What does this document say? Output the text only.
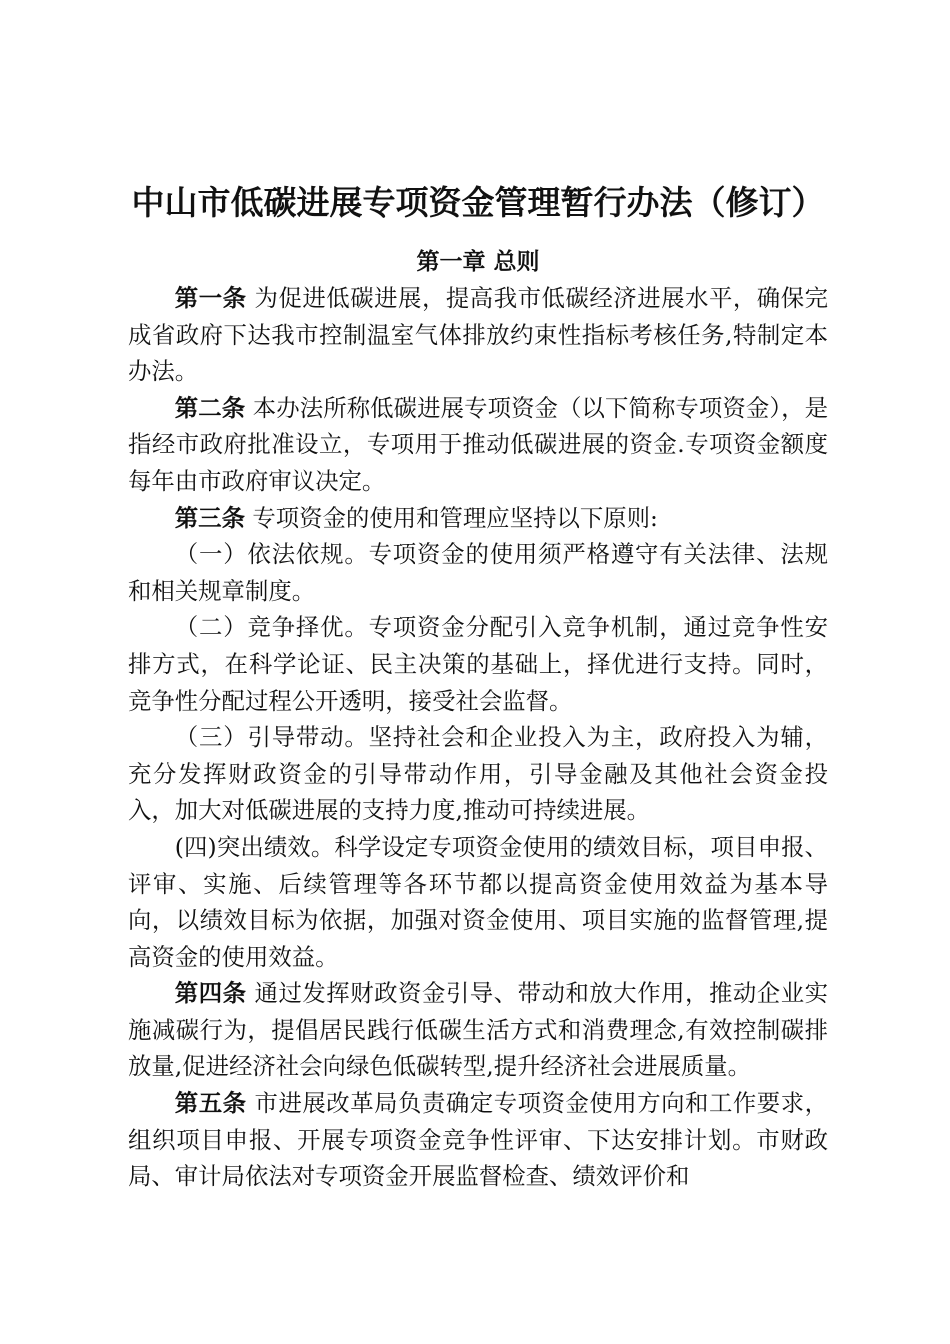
中山市低碳进展专项资金管理暂行办法（修订）
第一章 总则

第一条 为促进低碳进展，提高我市低碳经济进展水平，确保完成省政府下达我市控制温室气体排放约束性指标考核任务,特制定本办法。

第二条 本办法所称低碳进展专项资金（以下简称专项资金），是指经市政府批准设立，专项用于推动低碳进展的资金.专项资金额度每年由市政府审议决定。

第三条 专项资金的使用和管理应坚持以下原则:

（一）依法依规。专项资金的使用须严格遵守有关法律、法规和相关规章制度。

（二）竞争择优。专项资金分配引入竞争机制，通过竞争性安排方式，在科学论证、民主决策的基础上，择优进行支持。同时，竞争性分配过程公开透明，接受社会监督。

（三）引导带动。坚持社会和企业投入为主，政府投入为辅，充分发挥财政资金的引导带动作用，引导金融及其他社会资金投入，加大对低碳进展的支持力度,推动可持续进展。

(四)突出绩效。科学设定专项资金使用的绩效目标，项目申报、评审、实施、后续管理等各环节都以提高资金使用效益为基本导向，以绩效目标为依据，加强对资金使用、项目实施的监督管理,提高资金的使用效益。

第四条 通过发挥财政资金引导、带动和放大作用，推动企业实施减碳行为，提倡居民践行低碳生活方式和消费理念,有效控制碳排放量,促进经济社会向绿色低碳转型,提升经济社会进展质量。

第五条 市进展改革局负责确定专项资金使用方向和工作要求，组织项目申报、开展专项资金竞争性评审、下达安排计划。市财政局、审计局依法对专项资金开展监督检查、绩效评价和
